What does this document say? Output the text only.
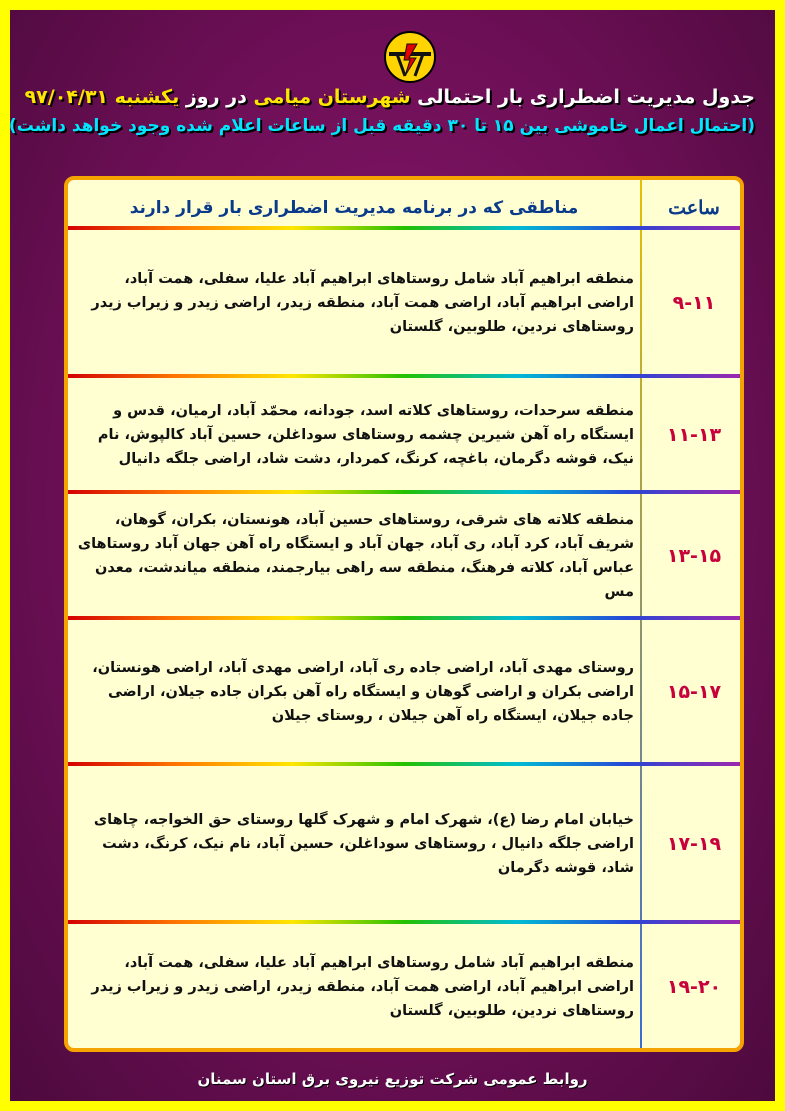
جدول مدیریت اضطراری بار احتمالی شهرستان میامی در روز یکشنبه ۹۷/۰۴/۳۱
(احتمال اعمال خاموشی بین ۱۵ تا ۳۰ دقیقه قبل از ساعات اعلام شده وجود خواهد داشت)
ساعت
مناطقی که در برنامه مدیریت اضطراری بار قرار دارند
۹-۱۱
منطقه ابراهیم آباد شامل روستاهای ابراهیم آباد علیا، سفلی، همت آباد، اراضی ابراهیم آباد، اراضی همت آباد، منطقه زیدر، اراضی زیدر و زیراب زیدر روستاهای نردین، طلوبین، گلستان
۱۱-۱۳
منطقه سرحدات، روستاهای کلاته اسد، جودانه، محمّد آباد، ارمیان، قدس و ایستگاه راه آهن شیرین چشمه روستاهای سوداغلن، حسین آباد کالپوش، نام نیک، قوشه دگرمان، باغچه، کرنگ، کمردار، دشت شاد، اراضی جلگه دانیال
۱۳-۱۵
منطقه کلاته های شرقی، روستاهای حسین آباد، هونستان، بکران، گوهان، شریف آباد، کرد آباد، ری آباد، جهان آباد و ایستگاه راه آهن جهان آباد روستاهای عباس آباد، کلاته فرهنگ، منطقه سه راهی بیارجمند، منطقه میاندشت، معدن مس
۱۵-۱۷
روستای مهدی آباد، اراضی جاده ری آباد، اراضی مهدی آباد، اراضی هونستان، اراضی بکران و اراضی گوهان و ایستگاه راه آهن بکران جاده جیلان، اراضی جاده جیلان، ایستگاه راه آهن جیلان ، روستای جیلان
۱۷-۱۹
خیابان امام رضا (ع)، شهرک امام و شهرک گلها روستای حق الخواجه، چاهای اراضی جلگه دانیال ، روستاهای سوداغلن، حسین آباد، نام نیک، کرنگ، دشت شاد، قوشه دگرمان
۱۹-۲۰
منطقه ابراهیم آباد شامل روستاهای ابراهیم آباد علیا، سفلی، همت آباد، اراضی ابراهیم آباد، اراضی همت آباد، منطقه زیدر، اراضی زیدر و زیراب زیدر روستاهای نردین، طلوبین، گلستان
روابط عمومی شرکت توزیع نیروی برق استان سمنان
